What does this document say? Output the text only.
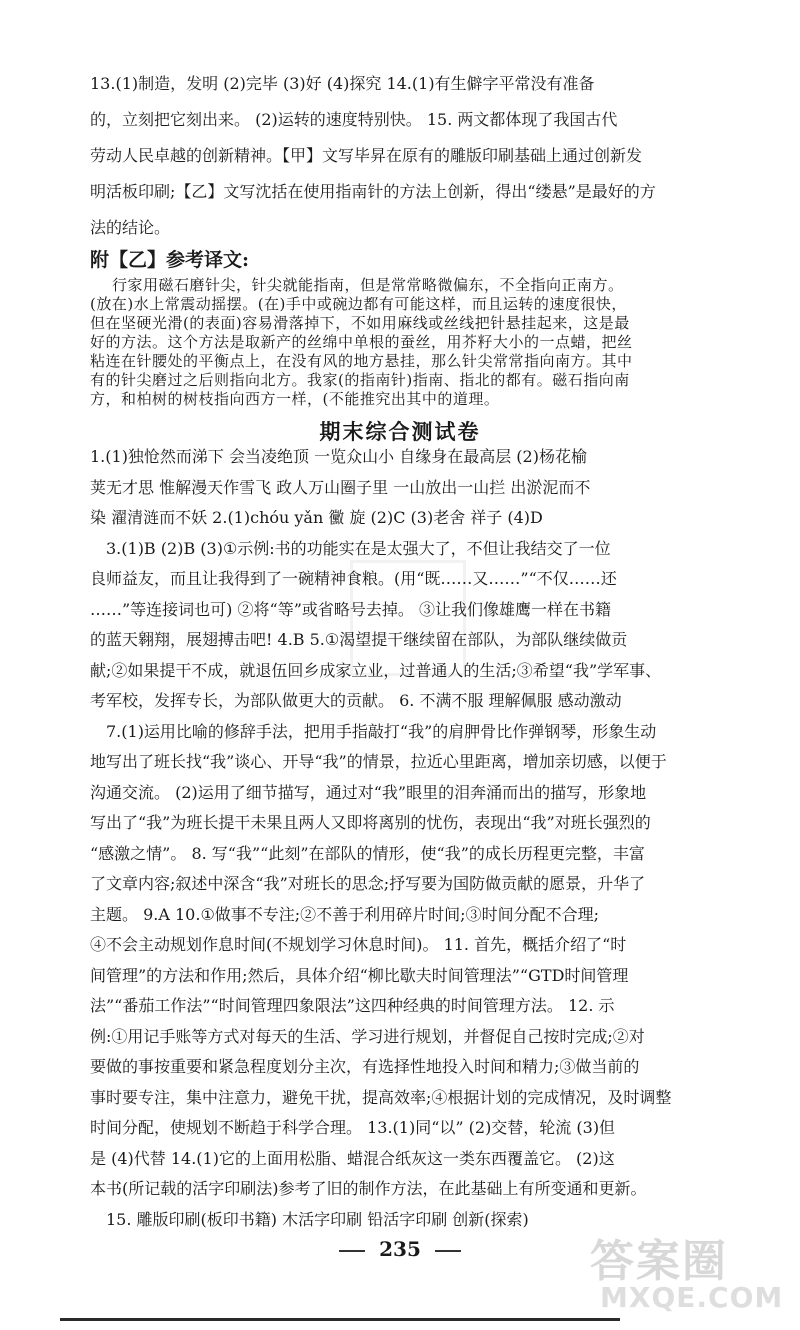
13.(1)制造，发明 (2)完毕 (3)好 (4)探究 14.(1)有生僻字平常没有准备
的，立刻把它刻出来。 (2)运转的速度特别快。 15. 两文都体现了我国古代
劳动人民卓越的创新精神。【甲】文写毕昇在原有的雕版印刷基础上通过创新发
明活板印刷;【乙】文写沈括在使用指南针的方法上创新，得出“缕悬”是最好的方
法的结论。
附【乙】参考译文:
行家用磁石磨针尖，针尖就能指南，但是常常略微偏东，不全指向正南方。
(放在)水上常震动摇摆。(在)手中或碗边都有可能这样，而且运转的速度很快，
但在坚硬光滑(的表面)容易滑落掉下，不如用麻线或丝线把针悬挂起来，这是最
好的方法。这个方法是取新产的丝绵中单根的蚕丝，用芥籽大小的一点蜡，把丝
粘连在针腰处的平衡点上，在没有风的地方悬挂，那么针尖常常指向南方。其中
有的针尖磨过之后则指向北方。我家(的指南针)指南、指北的都有。磁石指向南
方，和柏树的树枝指向西方一样，(不能推究出其中的道理。
期末综合测试卷
1.(1)独怆然而涕下 会当凌绝顶 一览众山小 自缘身在最高层 (2)杨花榆
荚无才思 惟解漫天作雪飞 政人万山圈子里 一山放出一山拦 出淤泥而不
染 濯清涟而不妖 2.(1)chóu yǎn 黴 旋 (2)C (3)老舍 祥子 (4)D
3.(1)B (2)B (3)①示例:书的功能实在是太强大了，不但让我结交了一位
良师益友，而且让我得到了一碗精神食粮。(用“既……又……”“不仅……还
……”等连接词也可) ②将“等”或省略号去掉。 ③让我们像雄鹰一样在书籍
的蓝天翱翔，展翅搏击吧! 4.B 5.①渴望提干继续留在部队，为部队继续做贡
献;②如果提干不成，就退伍回乡成家立业，过普通人的生活;③希望“我”学军事、
考军校，发挥专长，为部队做更大的贡献。 6. 不满不服 理解佩服 感动激动
7.(1)运用比喻的修辞手法，把用手指敲打“我”的肩胛骨比作弹钢琴，形象生动
地写出了班长找“我”谈心、开导“我”的情景，拉近心里距离，增加亲切感，以便于
沟通交流。 (2)运用了细节描写，通过对“我”眼里的泪奔涌而出的描写，形象地
写出了“我”为班长提干未果且两人又即将离别的忧伤，表现出“我”对班长强烈的
“感激之情”。 8. 写“我”“此刻”在部队的情形，使“我”的成长历程更完整，丰富
了文章内容;叙述中深含“我”对班长的思念;抒写要为国防做贡献的愿景，升华了
主题。 9.A 10.①做事不专注;②不善于利用碎片时间;③时间分配不合理;
④不会主动规划作息时间(不规划学习休息时间)。 11. 首先，概括介绍了“时
间管理”的方法和作用;然后，具体介绍“柳比歇夫时间管理法”“GTD时间管理
法”“番茄工作法”“时间管理四象限法”这四种经典的时间管理方法。 12. 示
例:①用记手账等方式对每天的生活、学习进行规划，并督促自己按时完成;②对
要做的事按重要和紧急程度划分主次，有选择性地投入时间和精力;③做当前的
事时要专注，集中注意力，避免干扰，提高效率;④根据计划的完成情况，及时调整
时间分配，使规划不断趋于科学合理。 13.(1)同“以” (2)交替，轮流 (3)但
是 (4)代替 14.(1)它的上面用松脂、蜡混合纸灰这一类东西覆盖它。 (2)这
本书(所记载的活字印刷法)参考了旧的制作方法，在此基础上有所变通和更新。
15. 雕版印刷(板印书籍) 木活字印刷 铅活字印刷 创新(探索)
235	答案圈
MXQE.COM
